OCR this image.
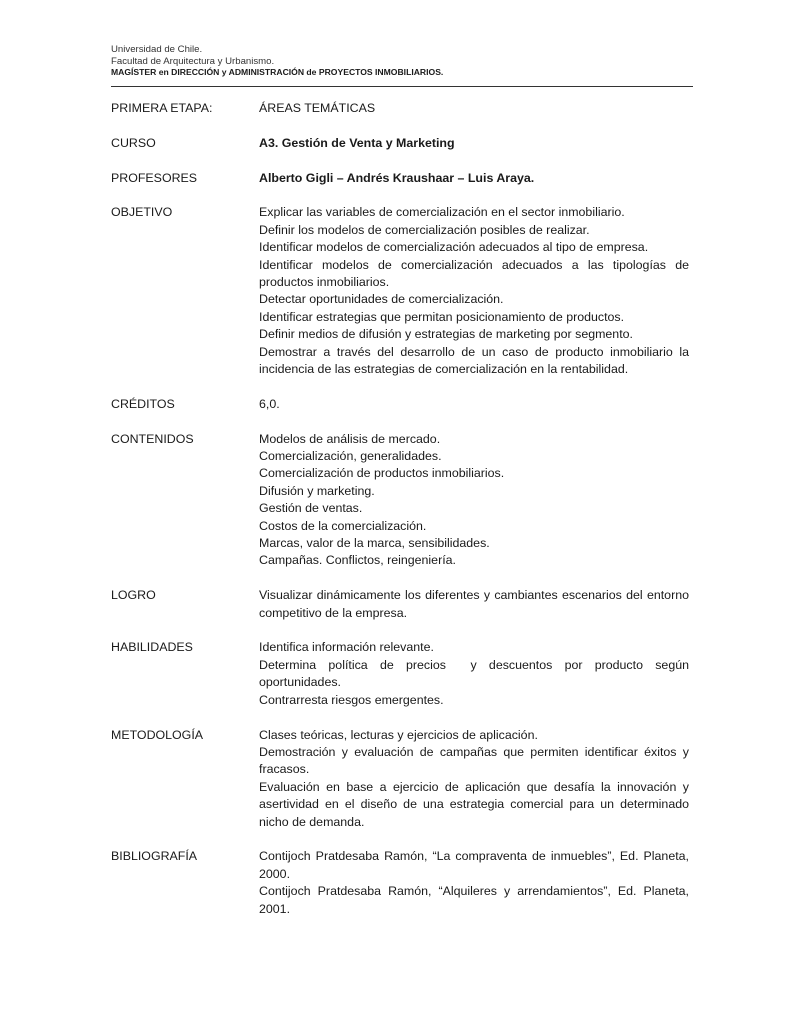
Universidad de Chile.
Facultad de Arquitectura y Urbanismo.
MAGÍSTER en DIRECCIÓN y ADMINISTRACIÓN de PROYECTOS INMOBILIARIOS.
PRIMERA ETAPA:	ÁREAS TEMÁTICAS
CURSO	A3. Gestión de Venta y Marketing
PROFESORES	Alberto Gigli – Andrés Kraushaar – Luis Araya.
OBJETIVO	Explicar las variables de comercialización en el sector inmobiliario.
Definir los modelos de comercialización posibles de realizar.
Identificar modelos de comercialización adecuados al tipo de empresa.
Identificar modelos de comercialización adecuados a las tipologías de productos inmobiliarios.
Detectar oportunidades de comercialización.
Identificar estrategias que permitan posicionamiento de productos.
Definir medios de difusión y estrategias de marketing por segmento.
Demostrar a través del desarrollo de un caso de producto inmobiliario la incidencia de las estrategias de comercialización en la rentabilidad.
CRÉDITOS	6,0.
CONTENIDOS	Modelos de análisis de mercado.
Comercialización, generalidades.
Comercialización de productos inmobiliarios.
Difusión y marketing.
Gestión de ventas.
Costos de la comercialización.
Marcas, valor de la marca, sensibilidades.
Campañas. Conflictos, reingeniería.
LOGRO	Visualizar dinámicamente los diferentes y cambiantes escenarios del entorno competitivo de la empresa.
HABILIDADES	Identifica información relevante.
Determina política de precios  y descuentos por producto según oportunidades.
Contrarresta riesgos emergentes.
METODOLOGÍA	Clases teóricas, lecturas y ejercicios de aplicación.
Demostración y evaluación de campañas que permiten identificar éxitos y fracasos.
Evaluación en base a ejercicio de aplicación que desafía la innovación y asertividad en el diseño de una estrategia comercial para un determinado nicho de demanda.
BIBLIOGRAFÍA	Contijoch Pratdesaba Ramón, “La compraventa de inmuebles”, Ed. Planeta, 2000.
Contijoch Pratdesaba Ramón, “Alquileres y arrendamientos”, Ed. Planeta, 2001.
